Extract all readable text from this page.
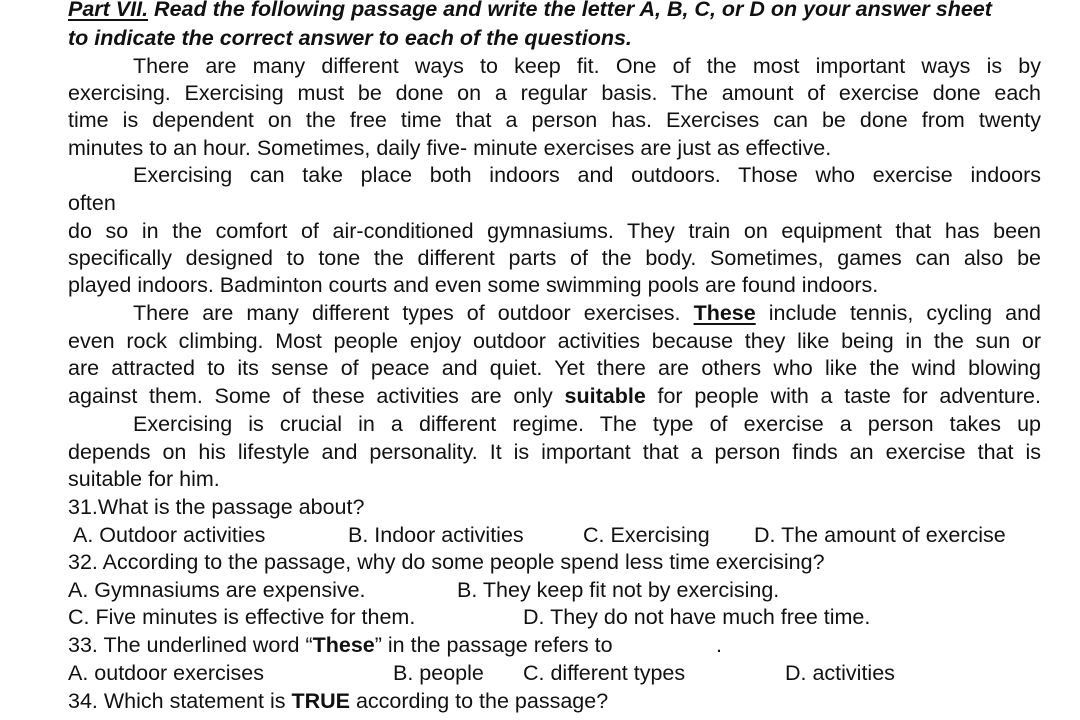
Part VII. Read the following passage and write the letter A, B, C, or D on your answer sheet
to indicate the correct answer to each of the questions.
There are many different ways to keep fit. One of the most important ways is by
exercising. Exercising must be done on a regular basis. The amount of exercise done each
time is dependent on the free time that a person has. Exercises can be done from twenty
minutes to an hour. Sometimes, daily five- minute exercises are just as effective.
Exercising can take place both indoors and outdoors. Those who exercise indoors
often
do so in the comfort of air-conditioned gymnasiums. They train on equipment that has been
specifically designed to tone the different parts of the body. Sometimes, games can also be
played indoors. Badminton courts and even some swimming pools are found indoors.
There are many different types of outdoor exercises. These include tennis, cycling and
even rock climbing. Most people enjoy outdoor activities because they like being in the sun or
are attracted to its sense of peace and quiet. Yet there are others who like the wind blowing
against them. Some of these activities are only suitable for people with a taste for adventure.
Exercising is crucial in a different regime. The type of exercise a person takes up
depends on his lifestyle and personality. It is important that a person finds an exercise that is
suitable for him.
31.What is the passage about?
A. Outdoor activities	B. Indoor activities	C. Exercising D. The amount of exercise
32. According to the passage, why do some people spend less time exercising?
A. Gymnasiums are expensive.	B. They keep fit not by exercising.
C. Five minutes is effective for them.	D. They do not have much free time.
33. The underlined word “These” in the passage refers to	.
A. outdoor exercises	B. people C. different types	D. activities
34. Which statement is TRUE according to the passage?
